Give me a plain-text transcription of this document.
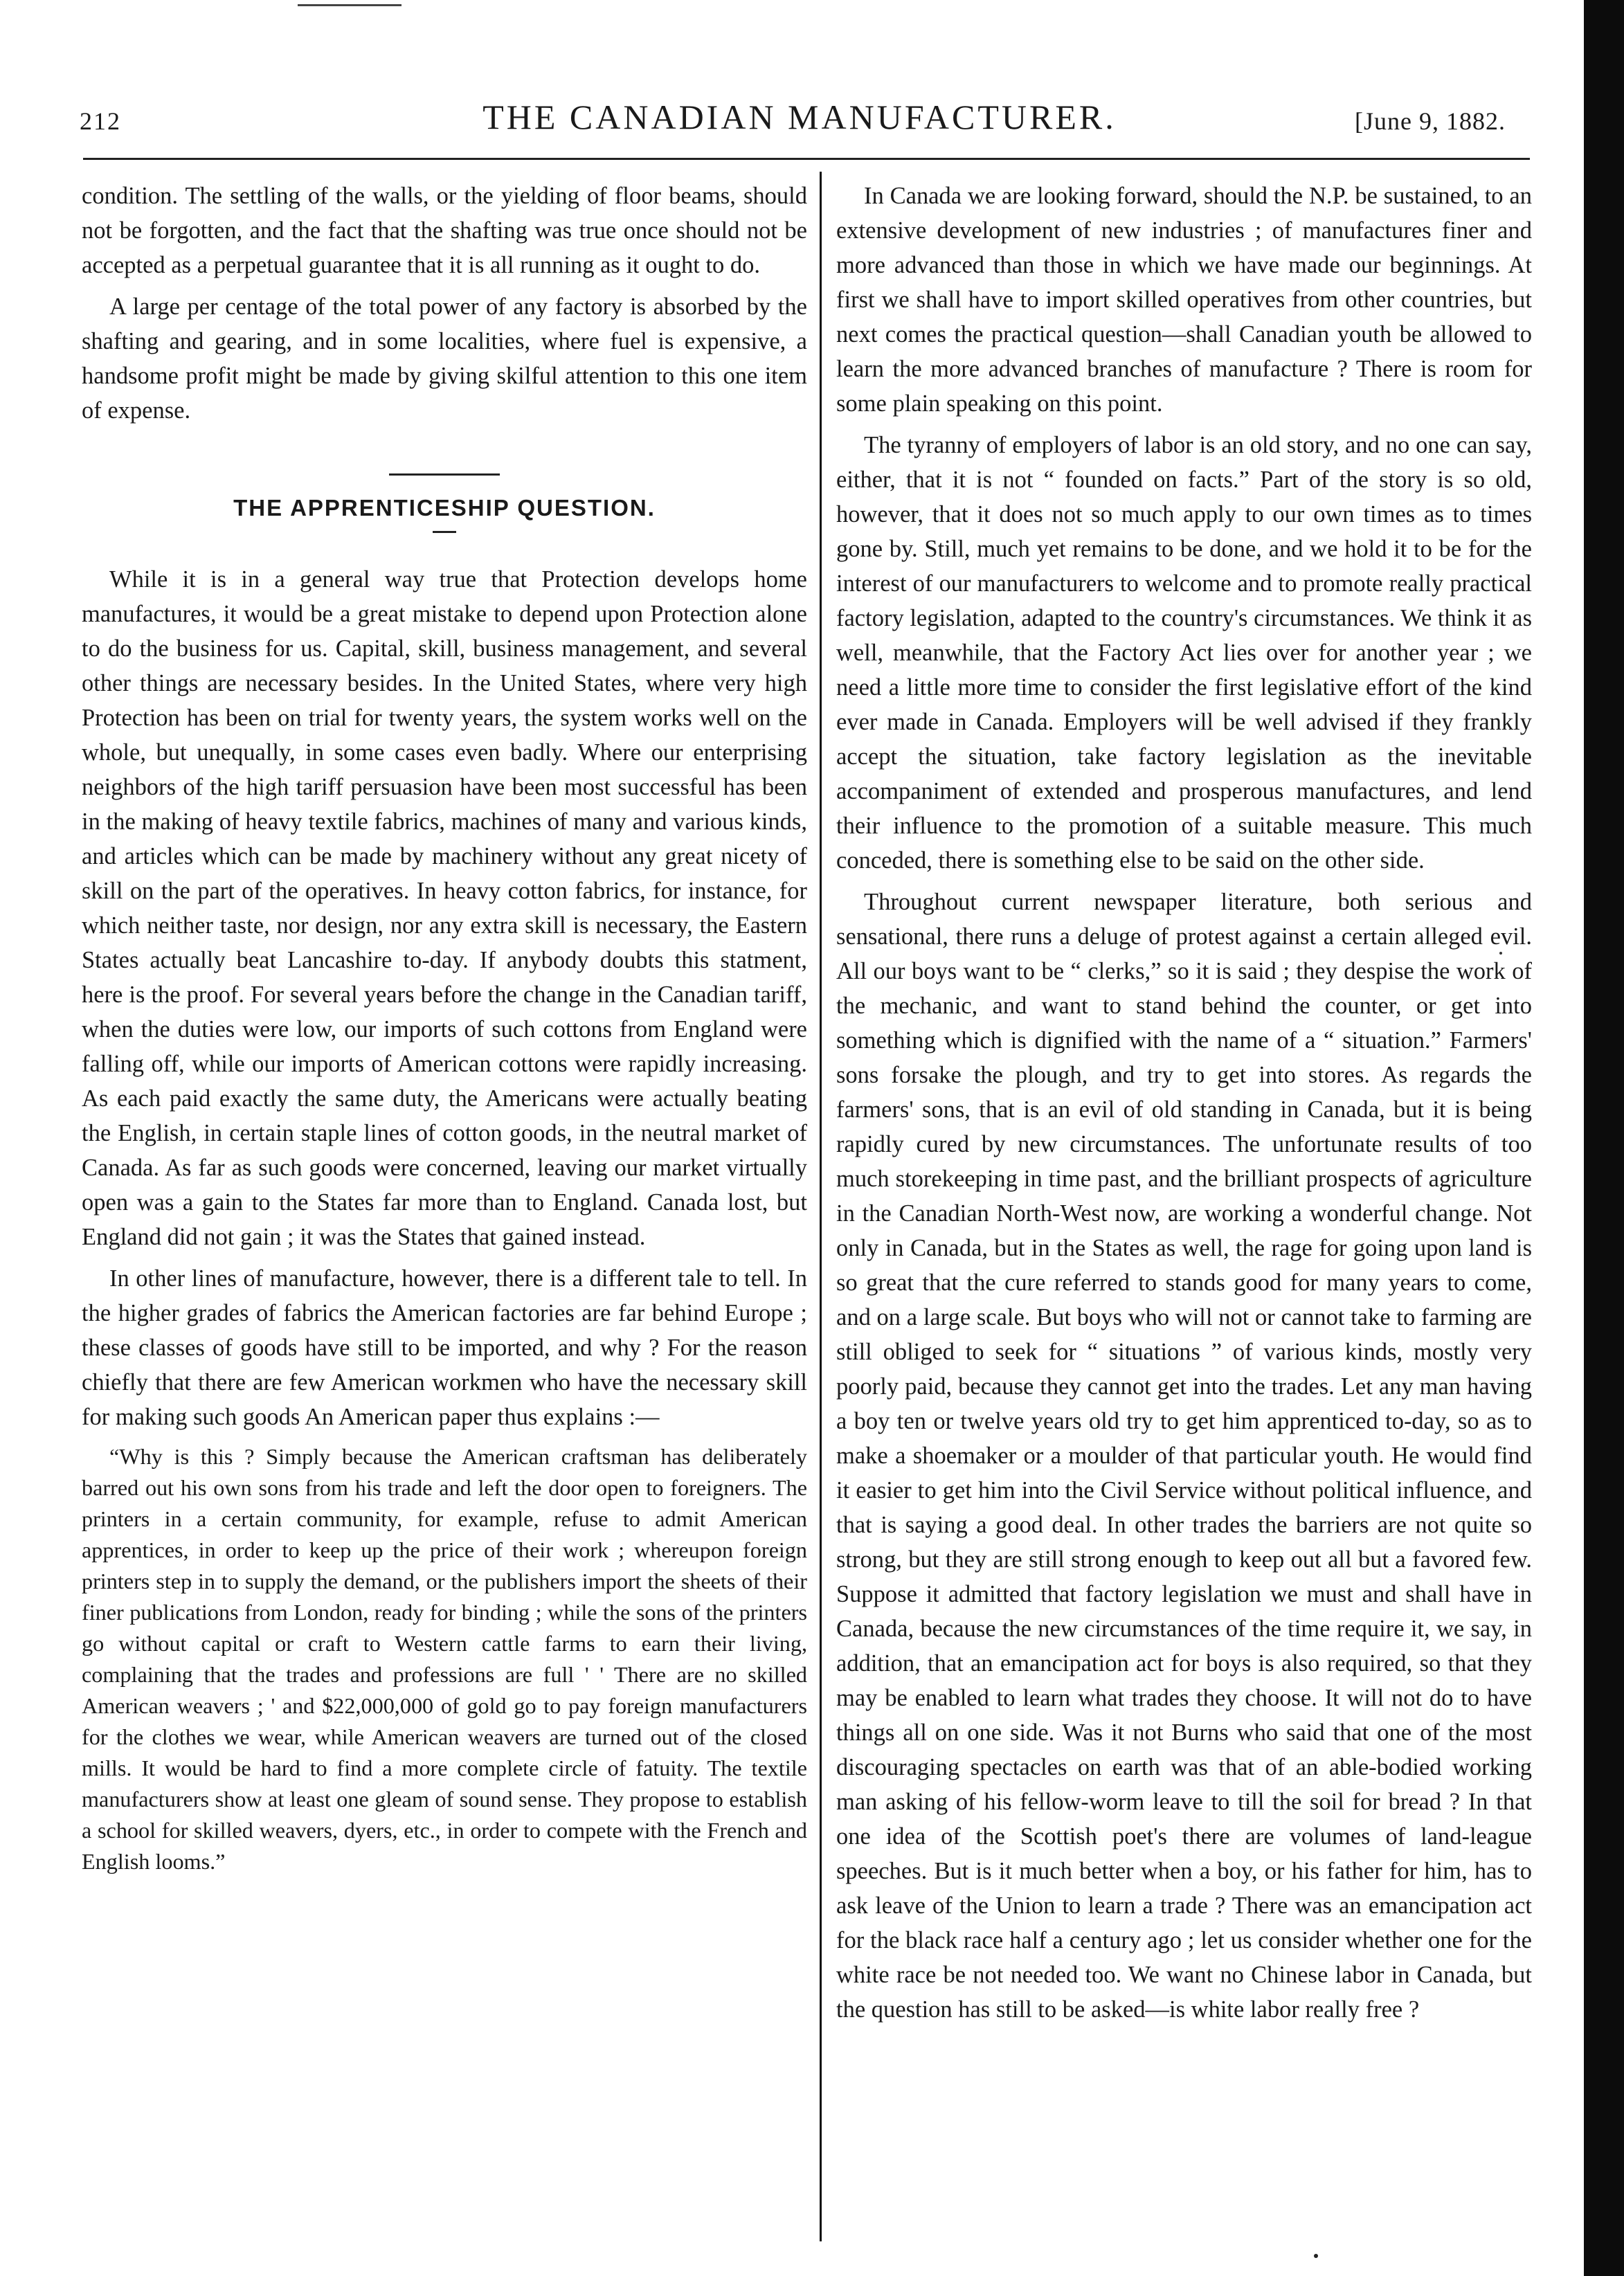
212	THE CANADIAN MANUFACTURER.	[June 9, 1882.

condition. The settling of the walls, or the yielding of floor beams, should not be forgotten, and the fact that the shafting was true once should not be accepted as a perpetual guarantee that it is all running as it ought to do.

A large per centage of the total power of any factory is absorbed by the shafting and gearing, and in some localities, where fuel is expensive, a handsome profit might be made by giving skilful attention to this one item of expense.

THE APPRENTICESHIP QUESTION.

While it is in a general way true that Protection develops home manufactures, it would be a great mistake to depend upon Protection alone to do the business for us. Capital, skill, business management, and several other things are necessary besides. In the United States, where very high Protection has been on trial for twenty years, the system works well on the whole, but unequally, in some cases even badly. Where our enterprising neighbors of the high tariff persuasion have been most successful has been in the making of heavy textile fabrics, machines of many and various kinds, and articles which can be made by machinery without any great nicety of skill on the part of the operatives. In heavy cotton fabrics, for instance, for which neither taste, nor design, nor any extra skill is necessary, the Eastern States actually beat Lancashire to-day. If anybody doubts this statment, here is the proof. For several years before the change in the Canadian tariff, when the duties were low, our imports of such cottons from England were falling off, while our imports of American cottons were rapidly increasing. As each paid exactly the same duty, the Americans were actually beating the English, in certain staple lines of cotton goods, in the neutral market of Canada. As far as such goods were concerned, leaving our market virtually open was a gain to the States far more than to England. Canada lost, but England did not gain ; it was the States that gained instead.

In other lines of manufacture, however, there is a different tale to tell. In the higher grades of fabrics the American factories are far behind Europe ; these classes of goods have still to be imported, and why ? For the reason chiefly that there are few American workmen who have the necessary skill for making such goods An American paper thus explains :—

“Why is this ? Simply because the American craftsman has deliberately barred out his own sons from his trade and left the door open to foreigners. The printers in a certain community, for example, refuse to admit American apprentices, in order to keep up the price of their work ; whereupon foreign printers step in to supply the demand, or the publishers import the sheets of their finer publications from London, ready for binding ; while the sons of the printers go without capital or craft to Western cattle farms to earn their living, complaining that the trades and professions are full ' ' There are no skilled American weavers ; ' and $22,000,000 of gold go to pay foreign manufacturers for the clothes we wear, while American weavers are turned out of the closed mills. It would be hard to find a more complete circle of fatuity. The textile manufacturers show at least one gleam of sound sense. They propose to establish a school for skilled weavers, dyers, etc., in order to compete with the French and English looms.”

In Canada we are looking forward, should the N.P. be sustained, to an extensive development of new industries ; of manufactures finer and more advanced than those in which we have made our beginnings. At first we shall have to import skilled operatives from other countries, but next comes the practical question—shall Canadian youth be allowed to learn the more advanced branches of manufacture ? There is room for some plain speaking on this point.

The tyranny of employers of labor is an old story, and no one can say, either, that it is not “ founded on facts.” Part of the story is so old, however, that it does not so much apply to our own times as to times gone by. Still, much yet remains to be done, and we hold it to be for the interest of our manufacturers to welcome and to promote really practical factory legislation, adapted to the country's circumstances. We think it as well, meanwhile, that the Factory Act lies over for another year ; we need a little more time to consider the first legislative effort of the kind ever made in Canada. Employers will be well advised if they frankly accept the situation, take factory legislation as the inevitable accompaniment of extended and prosperous manufactures, and lend their influence to the promotion of a suitable measure. This much conceded, there is something else to be said on the other side.

Throughout current newspaper literature, both serious and sensational, there runs a deluge of protest against a certain alleged evil. All our boys want to be “ clerks,” so it is said ; they despise the work of the mechanic, and want to stand behind the counter, or get into something which is dignified with the name of a “ situation.” Farmers' sons forsake the plough, and try to get into stores. As regards the farmers' sons, that is an evil of old standing in Canada, but it is being rapidly cured by new circumstances. The unfortunate results of too much storekeeping in time past, and the brilliant prospects of agriculture in the Canadian North-West now, are working a wonderful change. Not only in Canada, but in the States as well, the rage for going upon land is so great that the cure referred to stands good for many years to come, and on a large scale. But boys who will not or cannot take to farming are still obliged to seek for “ situations ” of various kinds, mostly very poorly paid, because they cannot get into the trades. Let any man having a boy ten or twelve years old try to get him apprenticed to-day, so as to make a shoemaker or a moulder of that particular youth. He would find it easier to get him into the Civil Service without political influence, and that is saying a good deal. In other trades the barriers are not quite so strong, but they are still strong enough to keep out all but a favored few. Suppose it admitted that factory legislation we must and shall have in Canada, because the new circumstances of the time require it, we say, in addition, that an emancipation act for boys is also required, so that they may be enabled to learn what trades they choose. It will not do to have things all on one side. Was it not Burns who said that one of the most discouraging spectacles on earth was that of an able-bodied working man asking of his fellow-worm leave to till the soil for bread ? In that one idea of the Scottish poet's there are volumes of land-league speeches. But is it much better when a boy, or his father for him, has to ask leave of the Union to learn a trade ? There was an emancipation act for the black race half a century ago ; let us consider whether one for the white race be not needed too. We want no Chinese labor in Canada, but the question has still to be asked—is white labor really free ?
